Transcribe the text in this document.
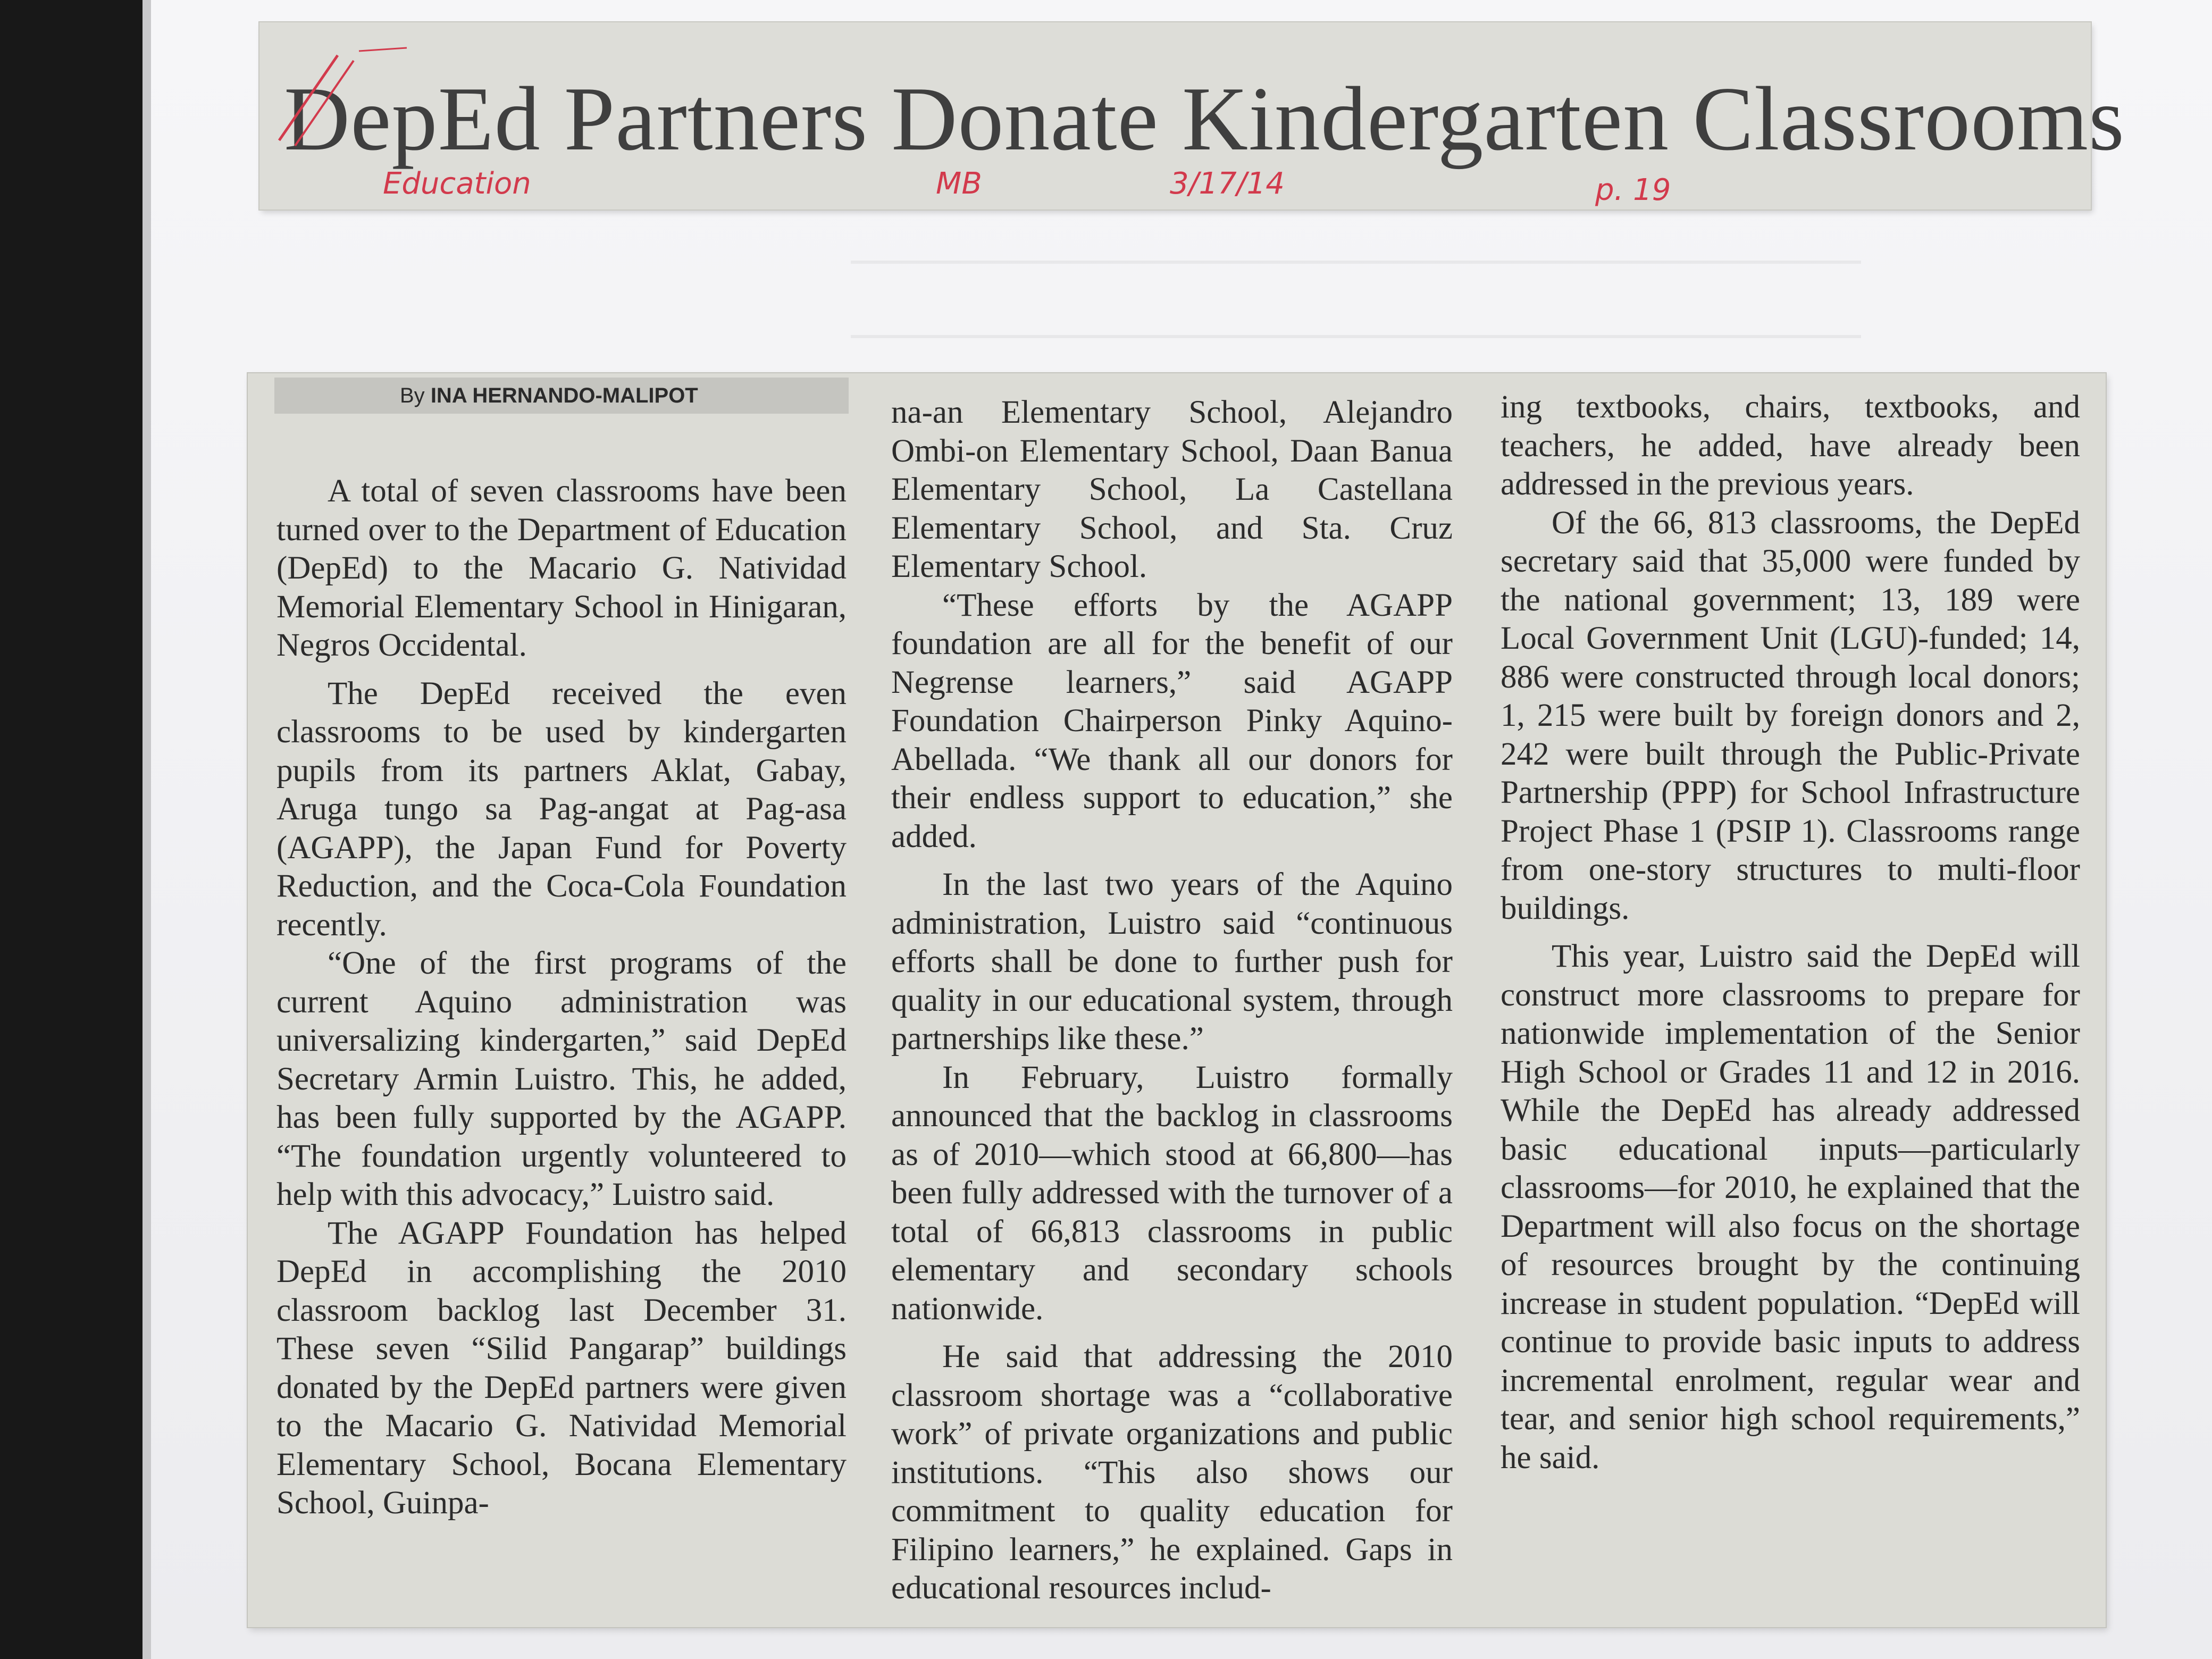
DepEd Partners Donate Kindergarten Classrooms
Education	MB	3/17/14	p. 19
By INA HERNANDO-MALIPOT

A total of seven classrooms have been turned over to the Department of Education (DepEd) to the Macario G. Natividad Memorial Elementary School in Hinigaran, Negros Occidental.

The DepEd received the even classrooms to be used by kindergarten pupils from its partners Aklat, Gabay, Aruga tungo sa Pag-angat at Pag-asa (AGAPP), the Japan Fund for Poverty Reduction, and the Coca-Cola Foundation recently.

“One of the first programs of the current Aquino administration was universalizing kindergarten,” said DepEd Secretary Armin Luistro. This, he added, has been fully supported by the AGAPP. “The foundation urgently volunteered to help with this advocacy,” Luistro said.

The AGAPP Foundation has helped DepEd in accomplishing the 2010 classroom backlog last December 31. These seven “Silid Pangarap” buildings donated by the DepEd partners were given to the Macario G. Natividad Memorial Elementary School, Bocana Elementary School, Guinpa-

na-an Elementary School, Alejandro Ombi-on Elementary School, Daan Banua Elementary School, La Castellana Elementary School, and Sta. Cruz Elementary School.

“These efforts by the AGAPP foundation are all for the benefit of our Negrense learners,” said AGAPP Foundation Chairperson Pinky Aquino-Abellada. “We thank all our donors for their endless support to education,” she added.

In the last two years of the Aquino administration, Luistro said “continuous efforts shall be done to further push for quality in our educational system, through partnerships like these.”

In February, Luistro formally announced that the backlog in classrooms as of 2010—which stood at 66,800—has been fully addressed with the turnover of a total of 66,813 classrooms in public elementary and secondary schools nationwide.

He said that addressing the 2010 classroom shortage was a “collaborative work” of private organizations and public institutions. “This also shows our commitment to quality education for Filipino learners,” he explained. Gaps in educational resources includ-

ing textbooks, chairs, textbooks, and teachers, he added, have already been addressed in the previous years.

Of the 66, 813 classrooms, the DepEd secretary said that 35,000 were funded by the national government; 13, 189 were Local Government Unit (LGU)-funded; 14, 886 were constructed through local donors; 1, 215 were built by foreign donors and 2, 242 were built through the Public-Private Partnership (PPP) for School Infrastructure Project Phase 1 (PSIP 1). Classrooms range from one-story structures to multi-floor buildings.

This year, Luistro said the DepEd will construct more classrooms to prepare for nationwide implementation of the Senior High School or Grades 11 and 12 in 2016. While the DepEd has already addressed basic educational inputs—particularly classrooms—for 2010, he explained that the Department will also focus on the shortage of resources brought by the continuing increase in student population. “DepEd will continue to provide basic inputs to address incremental enrolment, regular wear and tear, and senior high school requirements,” he said.
